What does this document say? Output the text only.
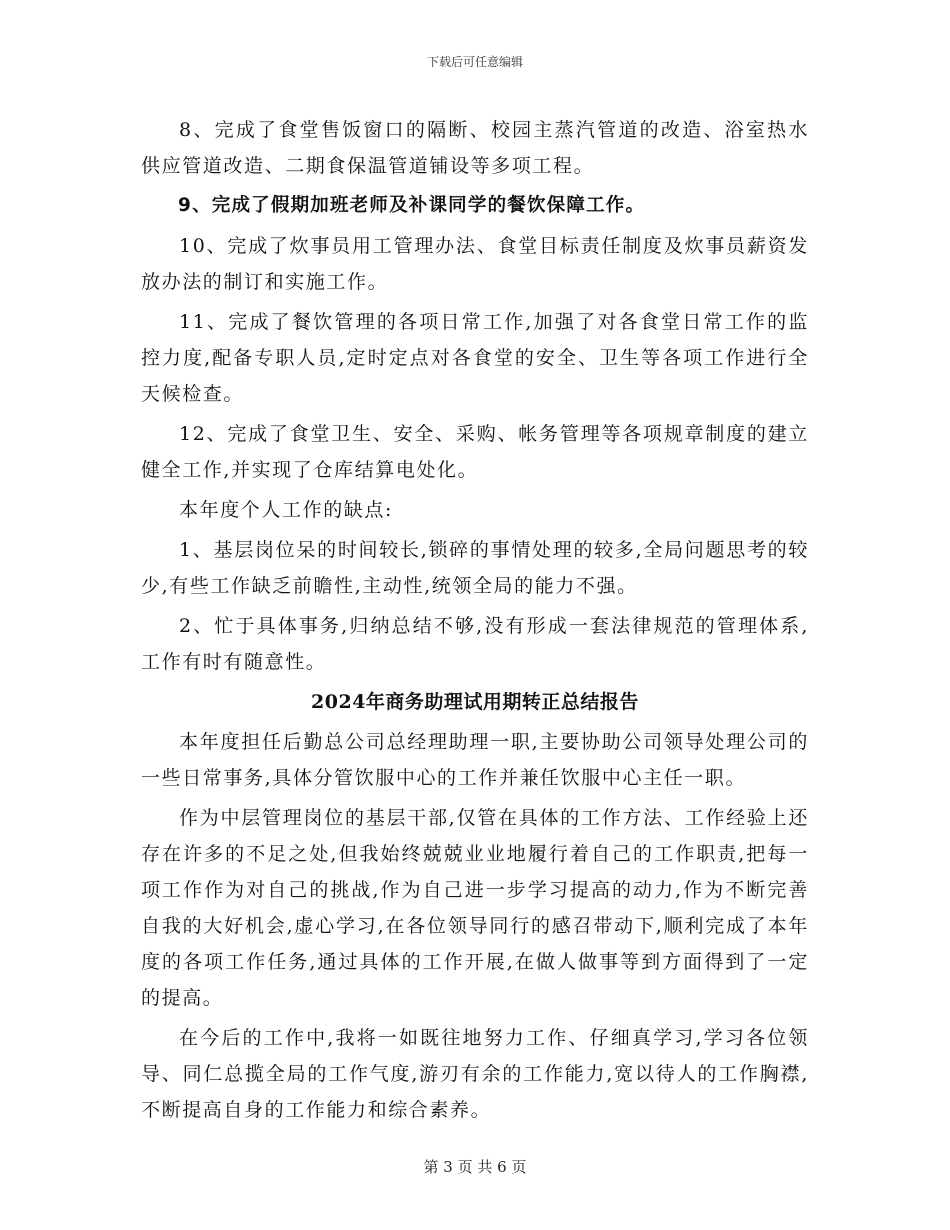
下载后可任意编辑

8、完成了食堂售饭窗口的隔断、校园主蒸汽管道的改造、浴室热水供应管道改造、二期食保温管道铺设等多项工程。

9、完成了假期加班老师及补课同学的餐饮保障工作。

10、完成了炊事员用工管理办法、食堂目标责任制度及炊事员薪资发放办法的制订和实施工作。

11、完成了餐饮管理的各项日常工作,加强了对各食堂日常工作的监控力度,配备专职人员,定时定点对各食堂的安全、卫生等各项工作进行全天候检查。

12、完成了食堂卫生、安全、采购、帐务管理等各项规章制度的建立健全工作,并实现了仓库结算电处化。

本年度个人工作的缺点:

1、基层岗位呆的时间较长,锁碎的事情处理的较多,全局问题思考的较少,有些工作缺乏前瞻性,主动性,统领全局的能力不强。

2、忙于具体事务,归纳总结不够,没有形成一套法律规范的管理体系,工作有时有随意性。

2024年商务助理试用期转正总结报告

本年度担任后勤总公司总经理助理一职,主要协助公司领导处理公司的一些日常事务,具体分管饮服中心的工作并兼任饮服中心主任一职。

作为中层管理岗位的基层干部,仅管在具体的工作方法、工作经验上还存在许多的不足之处,但我始终兢兢业业地履行着自己的工作职责,把每一项工作作为对自己的挑战,作为自己进一步学习提高的动力,作为不断完善自我的大好机会,虚心学习,在各位领导同行的感召带动下,顺利完成了本年度的各项工作任务,通过具体的工作开展,在做人做事等到方面得到了一定的提高。

在今后的工作中,我将一如既往地努力工作、仔细真学习,学习各位领导、同仁总揽全局的工作气度,游刃有余的工作能力,宽以待人的工作胸襟,不断提高自身的工作能力和综合素养。

第 3 页 共 6 页
